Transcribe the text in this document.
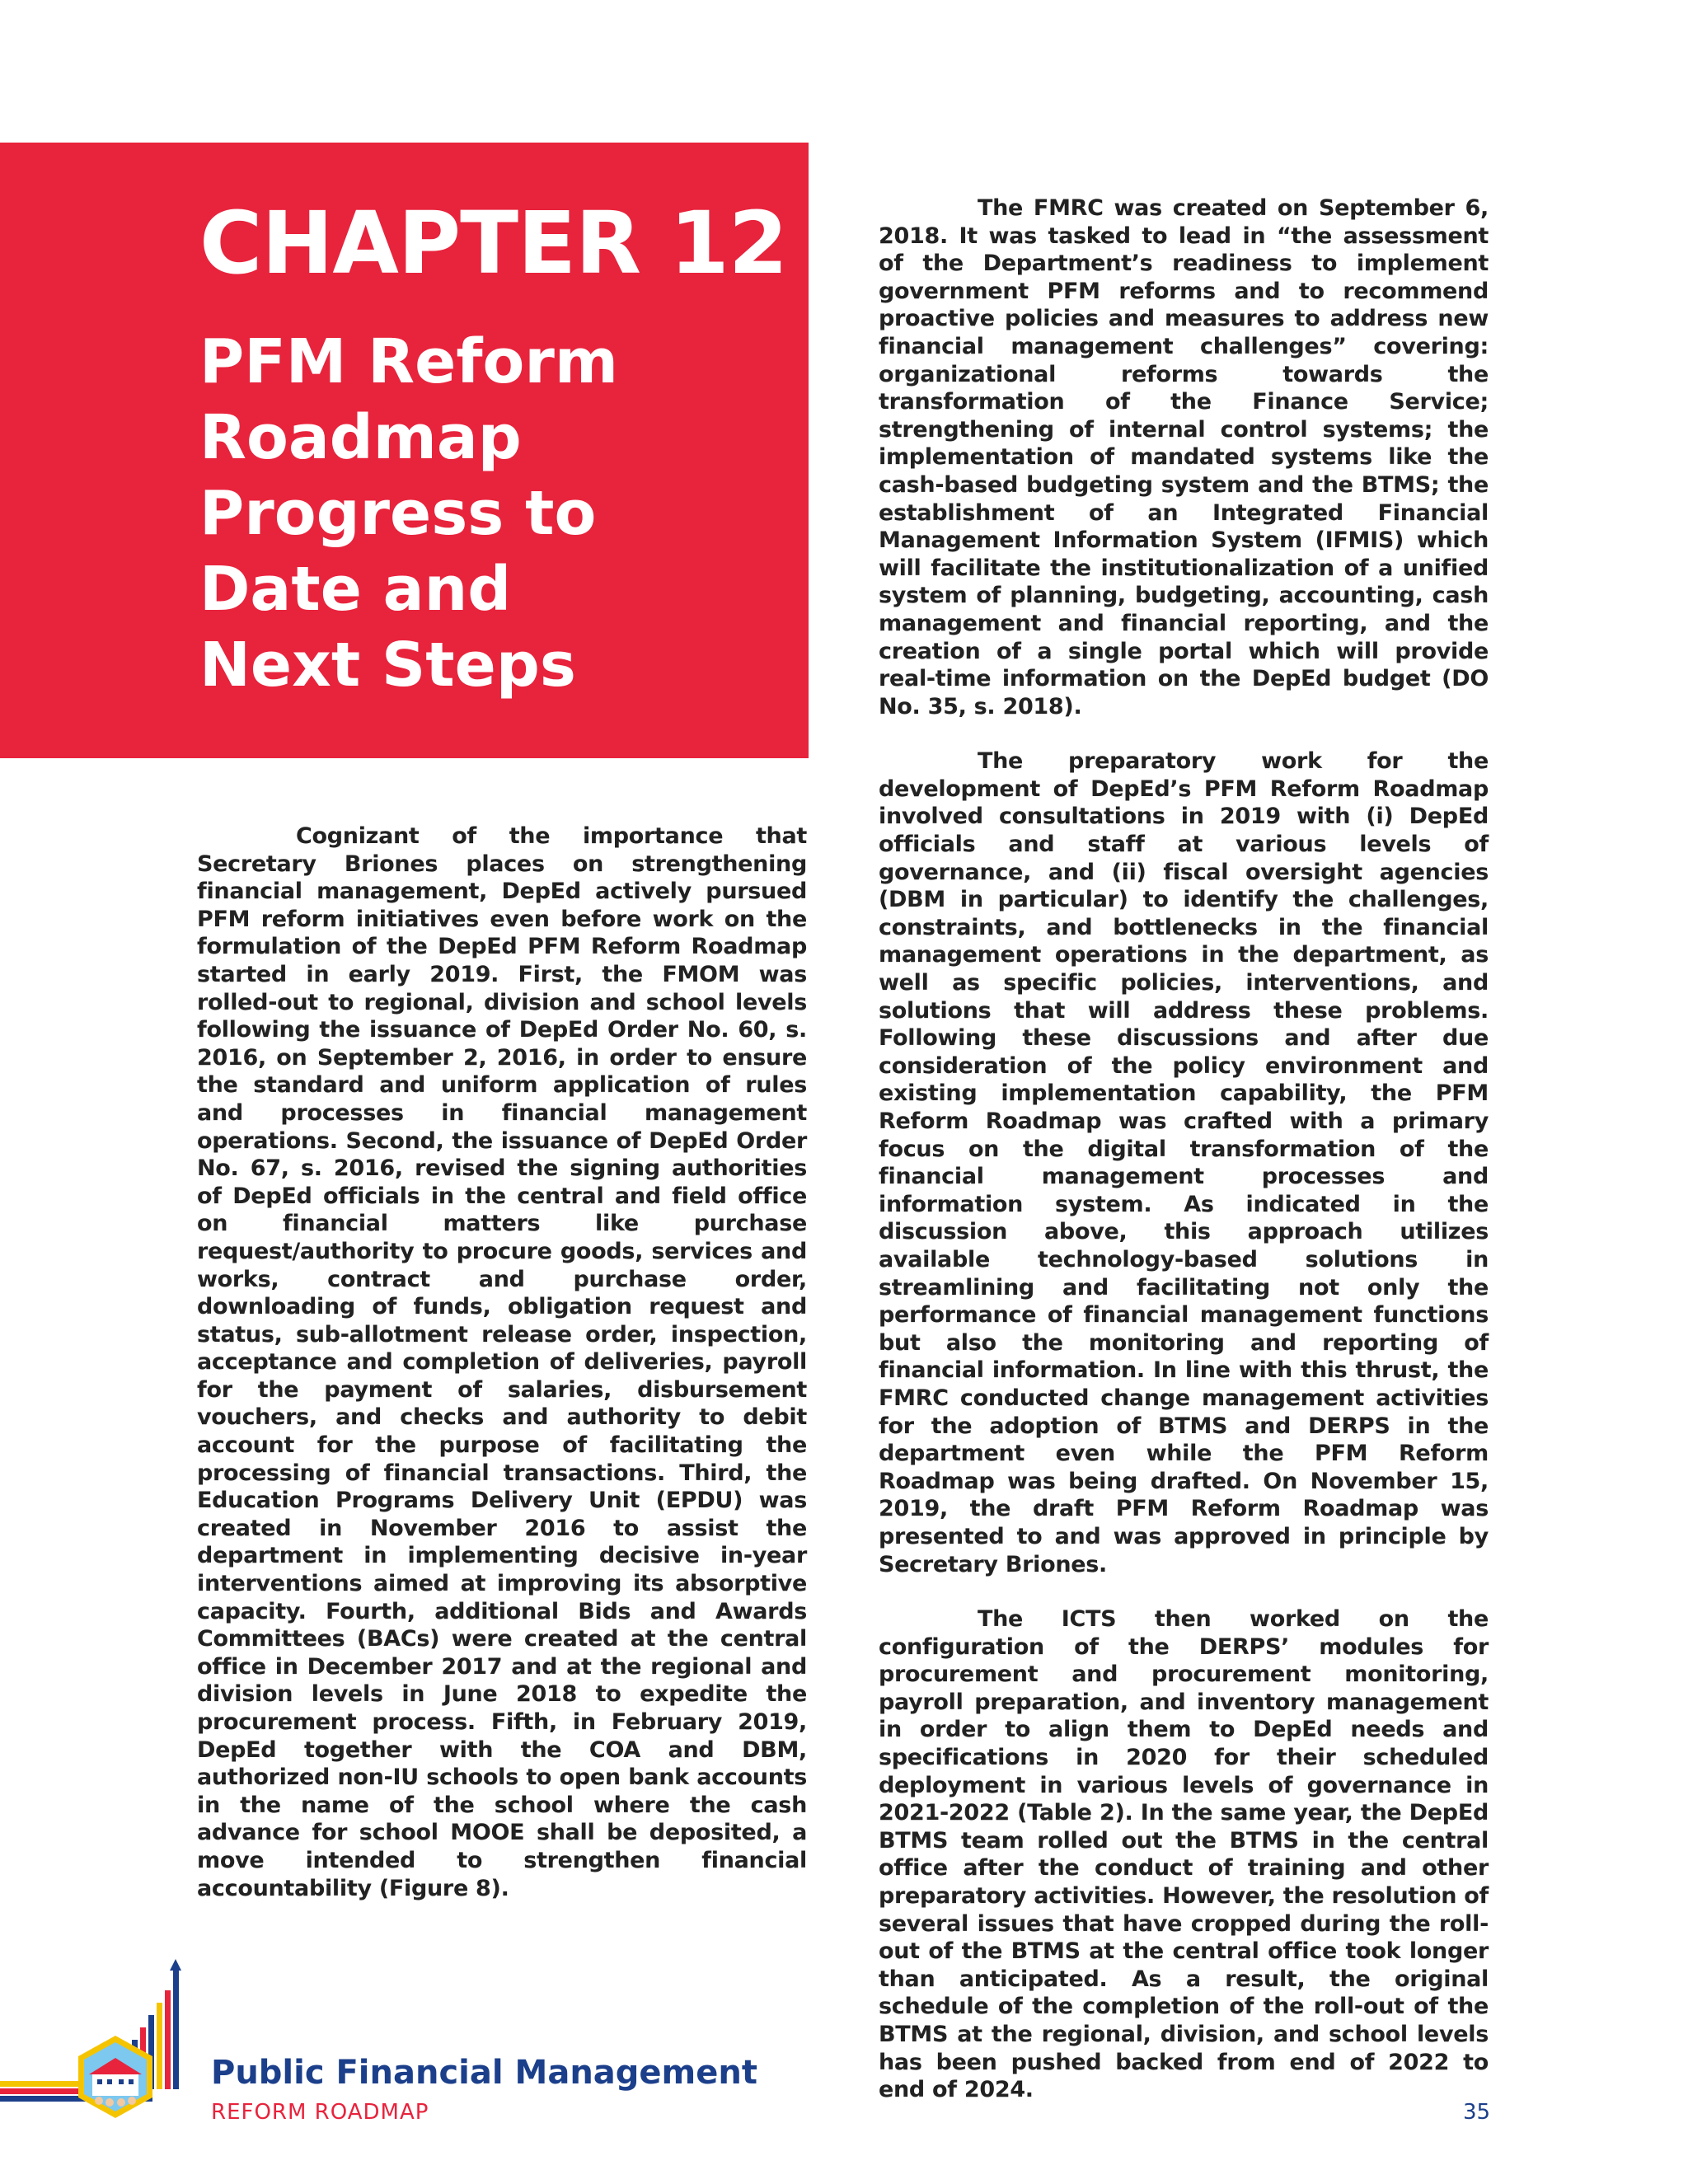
CHAPTER 12
PFM Reform
Roadmap
Progress to
Date and
Next Steps

Cognizant of the importance that Secretary Briones places on strengthening financial management, DepEd actively pursued PFM reform initiatives even before work on the formulation of the DepEd PFM Reform Roadmap started in early 2019. First, the FMOM was rolled-out to regional, division and school levels following the issuance of DepEd Order No. 60, s. 2016, on September 2, 2016, in order to ensure the standard and uniform application of rules and processes in financial management operations. Second, the issuance of DepEd Order No. 67, s. 2016, revised the signing authorities of DepEd officials in the central and field office on financial matters like purchase request/authority to procure goods, services and works, contract and purchase order, downloading of funds, obligation request and status, sub-allotment release order, inspection, acceptance and completion of deliveries, payroll for the payment of salaries, disbursement vouchers, and checks and authority to debit account for the purpose of facilitating the processing of financial transactions. Third, the Education Programs Delivery Unit (EPDU) was created in November 2016 to assist the department in implementing decisive in-year interventions aimed at improving its absorptive capacity. Fourth, additional Bids and Awards Committees (BACs) were created at the central office in December 2017 and at the regional and division levels in June 2018 to expedite the procurement process. Fifth, in February 2019, DepEd together with the COA and DBM, authorized non-IU schools to open bank accounts in the name of the school where the cash advance for school MOOE shall be deposited, a move intended to strengthen financial accountability (Figure 8).

The FMRC was created on September 6, 2018. It was tasked to lead in “the assessment of the Department’s readiness to implement government PFM reforms and to recommend proactive policies and measures to address new financial management challenges” covering: organizational reforms towards the transformation of the Finance Service; strengthening of internal control systems; the implementation of mandated systems like the cash-based budgeting system and the BTMS; the establishment of an Integrated Financial Management Information System (IFMIS) which will facilitate the institutionalization of a unified system of planning, budgeting, accounting, cash management and financial reporting, and the creation of a single portal which will provide real-time information on the DepEd budget (DO No. 35, s. 2018).

The preparatory work for the development of DepEd’s PFM Reform Roadmap involved consultations in 2019 with (i) DepEd officials and staff at various levels of governance, and (ii) fiscal oversight agencies (DBM in particular) to identify the challenges, constraints, and bottlenecks in the financial management operations in the department, as well as specific policies, interventions, and solutions that will address these problems. Following these discussions and after due consideration of the policy environment and existing implementation capability, the PFM Reform Roadmap was crafted with a primary focus on the digital transformation of the financial management processes and information system. As indicated in the discussion above, this approach utilizes available technology-based solutions in streamlining and facilitating not only the performance of financial management functions but also the monitoring and reporting of financial information. In line with this thrust, the FMRC conducted change management activities for the adoption of BTMS and DERPS in the department even while the PFM Reform Roadmap was being drafted. On November 15, 2019, the draft PFM Reform Roadmap was presented to and was approved in principle by Secretary Briones.

The ICTS then worked on the configuration of the DERPS’ modules for procurement and procurement monitoring, payroll preparation, and inventory management in order to align them to DepEd needs and specifications in 2020 for their scheduled deployment in various levels of governance in 2021-2022 (Table 2). In the same year, the DepEd BTMS team rolled out the BTMS in the central office after the conduct of training and other preparatory activities. However, the resolution of several issues that have cropped during the roll-out of the BTMS at the central office took longer than anticipated. As a result, the original schedule of the completion of the roll-out of the BTMS at the regional, division, and school levels has been pushed backed from end of 2022 to end of 2024.

Public Financial Management
REFORM ROADMAP	35
